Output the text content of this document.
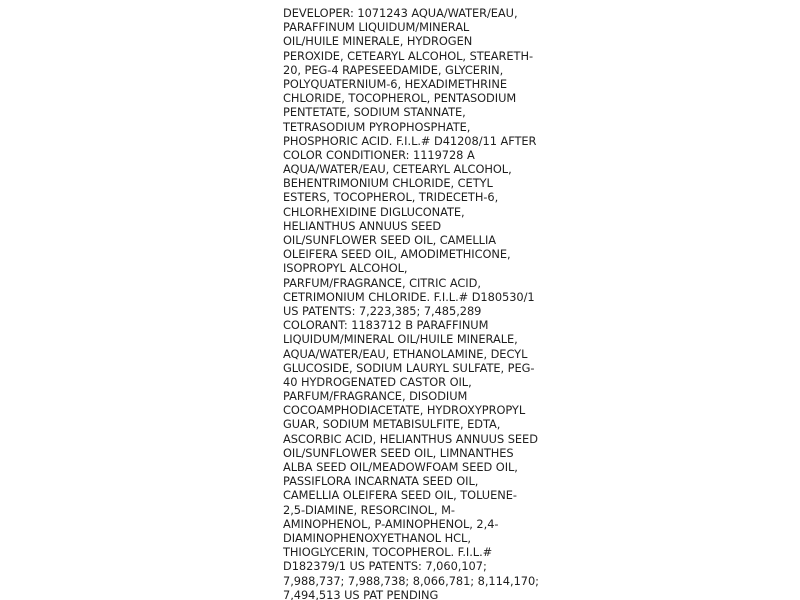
DEVELOPER: 1071243 AQUA/WATER/EAU,
PARAFFINUM LIQUIDUM/MINERAL
OIL/HUILE MINERALE, HYDROGEN
PEROXIDE, CETEARYL ALCOHOL, STEARETH-
20, PEG-4 RAPESEEDAMIDE, GLYCERIN,
POLYQUATERNIUM-6, HEXADIMETHRINE
CHLORIDE, TOCOPHEROL, PENTASODIUM
PENTETATE, SODIUM STANNATE,
TETRASODIUM PYROPHOSPHATE,
PHOSPHORIC ACID. F.I.L.# D41208/11 AFTER
COLOR CONDITIONER: 1119728 A
AQUA/WATER/EAU, CETEARYL ALCOHOL,
BEHENTRIMONIUM CHLORIDE, CETYL
ESTERS, TOCOPHEROL, TRIDECETH-6,
CHLORHEXIDINE DIGLUCONATE,
HELIANTHUS ANNUUS SEED
OIL/SUNFLOWER SEED OIL, CAMELLIA
OLEIFERA SEED OIL, AMODIMETHICONE,
ISOPROPYL ALCOHOL,
PARFUM/FRAGRANCE, CITRIC ACID,
CETRIMONIUM CHLORIDE. F.I.L.# D180530/1
US PATENTS: 7,223,385; 7,485,289
COLORANT: 1183712 B PARAFFINUM
LIQUIDUM/MINERAL OIL/HUILE MINERALE,
AQUA/WATER/EAU, ETHANOLAMINE, DECYL
GLUCOSIDE, SODIUM LAURYL SULFATE, PEG-
40 HYDROGENATED CASTOR OIL,
PARFUM/FRAGRANCE, DISODIUM
COCOAMPHODIACETATE, HYDROXYPROPYL
GUAR, SODIUM METABISULFITE, EDTA,
ASCORBIC ACID, HELIANTHUS ANNUUS SEED
OIL/SUNFLOWER SEED OIL, LIMNANTHES
ALBA SEED OIL/MEADOWFOAM SEED OIL,
PASSIFLORA INCARNATA SEED OIL,
CAMELLIA OLEIFERA SEED OIL, TOLUENE-
2,5-DIAMINE, RESORCINOL, M-
AMINOPHENOL, P-AMINOPHENOL, 2,4-
DIAMINOPHENOXYETHANOL HCL,
THIOGLYCERIN, TOCOPHEROL. F.I.L.#
D182379/1 US PATENTS: 7,060,107;
7,988,737; 7,988,738; 8,066,781; 8,114,170;
7,494,513 US PAT PENDING
